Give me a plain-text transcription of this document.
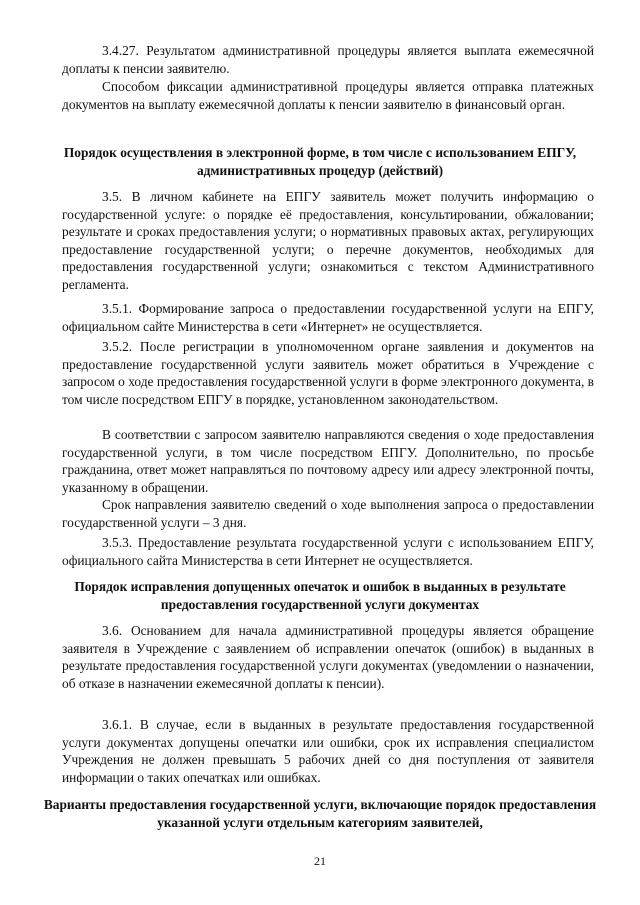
3.4.27. Результатом административной процедуры является выплата ежемесячной доплаты к пенсии заявителю.

Способом фиксации административной процедуры является отправка платежных документов на выплату ежемесячной доплаты к пенсии заявителю в финансовый орган.

Порядок осуществления в электронной форме, в том числе с использованием ЕПГУ, административных процедур (действий)

3.5. В личном кабинете на ЕПГУ заявитель может получить информацию о государственной услуге: о порядке её предоставления, консультировании, обжаловании; результате и сроках предоставления услуги; о нормативных правовых актах, регулирующих предоставление государственной услуги; о перечне документов, необходимых для предоставления государственной услуги; ознакомиться с текстом Административного регламента.

3.5.1. Формирование запроса о предоставлении государственной услуги на ЕПГУ, официальном сайте Министерства в сети «Интернет» не осуществляется.

3.5.2. После регистрации в уполномоченном органе заявления и документов на предоставление государственной услуги заявитель может обратиться в Учреждение с запросом о ходе предоставления государственной услуги в форме электронного документа, в том числе посредством ЕПГУ в порядке, установленном законодательством.

В соответствии с запросом заявителю направляются сведения о ходе предоставления государственной услуги, в том числе посредством ЕПГУ. Дополнительно, по просьбе гражданина, ответ может направляться по почтовому адресу или адресу электронной почты, указанному в обращении.

Срок направления заявителю сведений о ходе выполнения запроса о предоставлении государственной услуги – 3 дня.

3.5.3. Предоставление результата государственной услуги с использованием ЕПГУ, официального сайта Министерства в сети Интернет не осуществляется.

Порядок исправления допущенных опечаток и ошибок в выданных в результате предоставления государственной услуги документах

3.6. Основанием для начала административной процедуры является обращение заявителя в Учреждение с заявлением об исправлении опечаток (ошибок) в выданных в результате предоставления государственной услуги документах (уведомлении о назначении, об отказе в назначении ежемесячной доплаты к пенсии).

3.6.1. В случае, если в выданных в результате предоставления государственной услуги документах допущены опечатки или ошибки, срок их исправления специалистом Учреждения не должен превышать 5 рабочих дней со дня поступления от заявителя информации о таких опечатках или ошибках.

Варианты предоставления государственной услуги, включающие порядок предоставления указанной услуги отдельным категориям заявителей,

21
